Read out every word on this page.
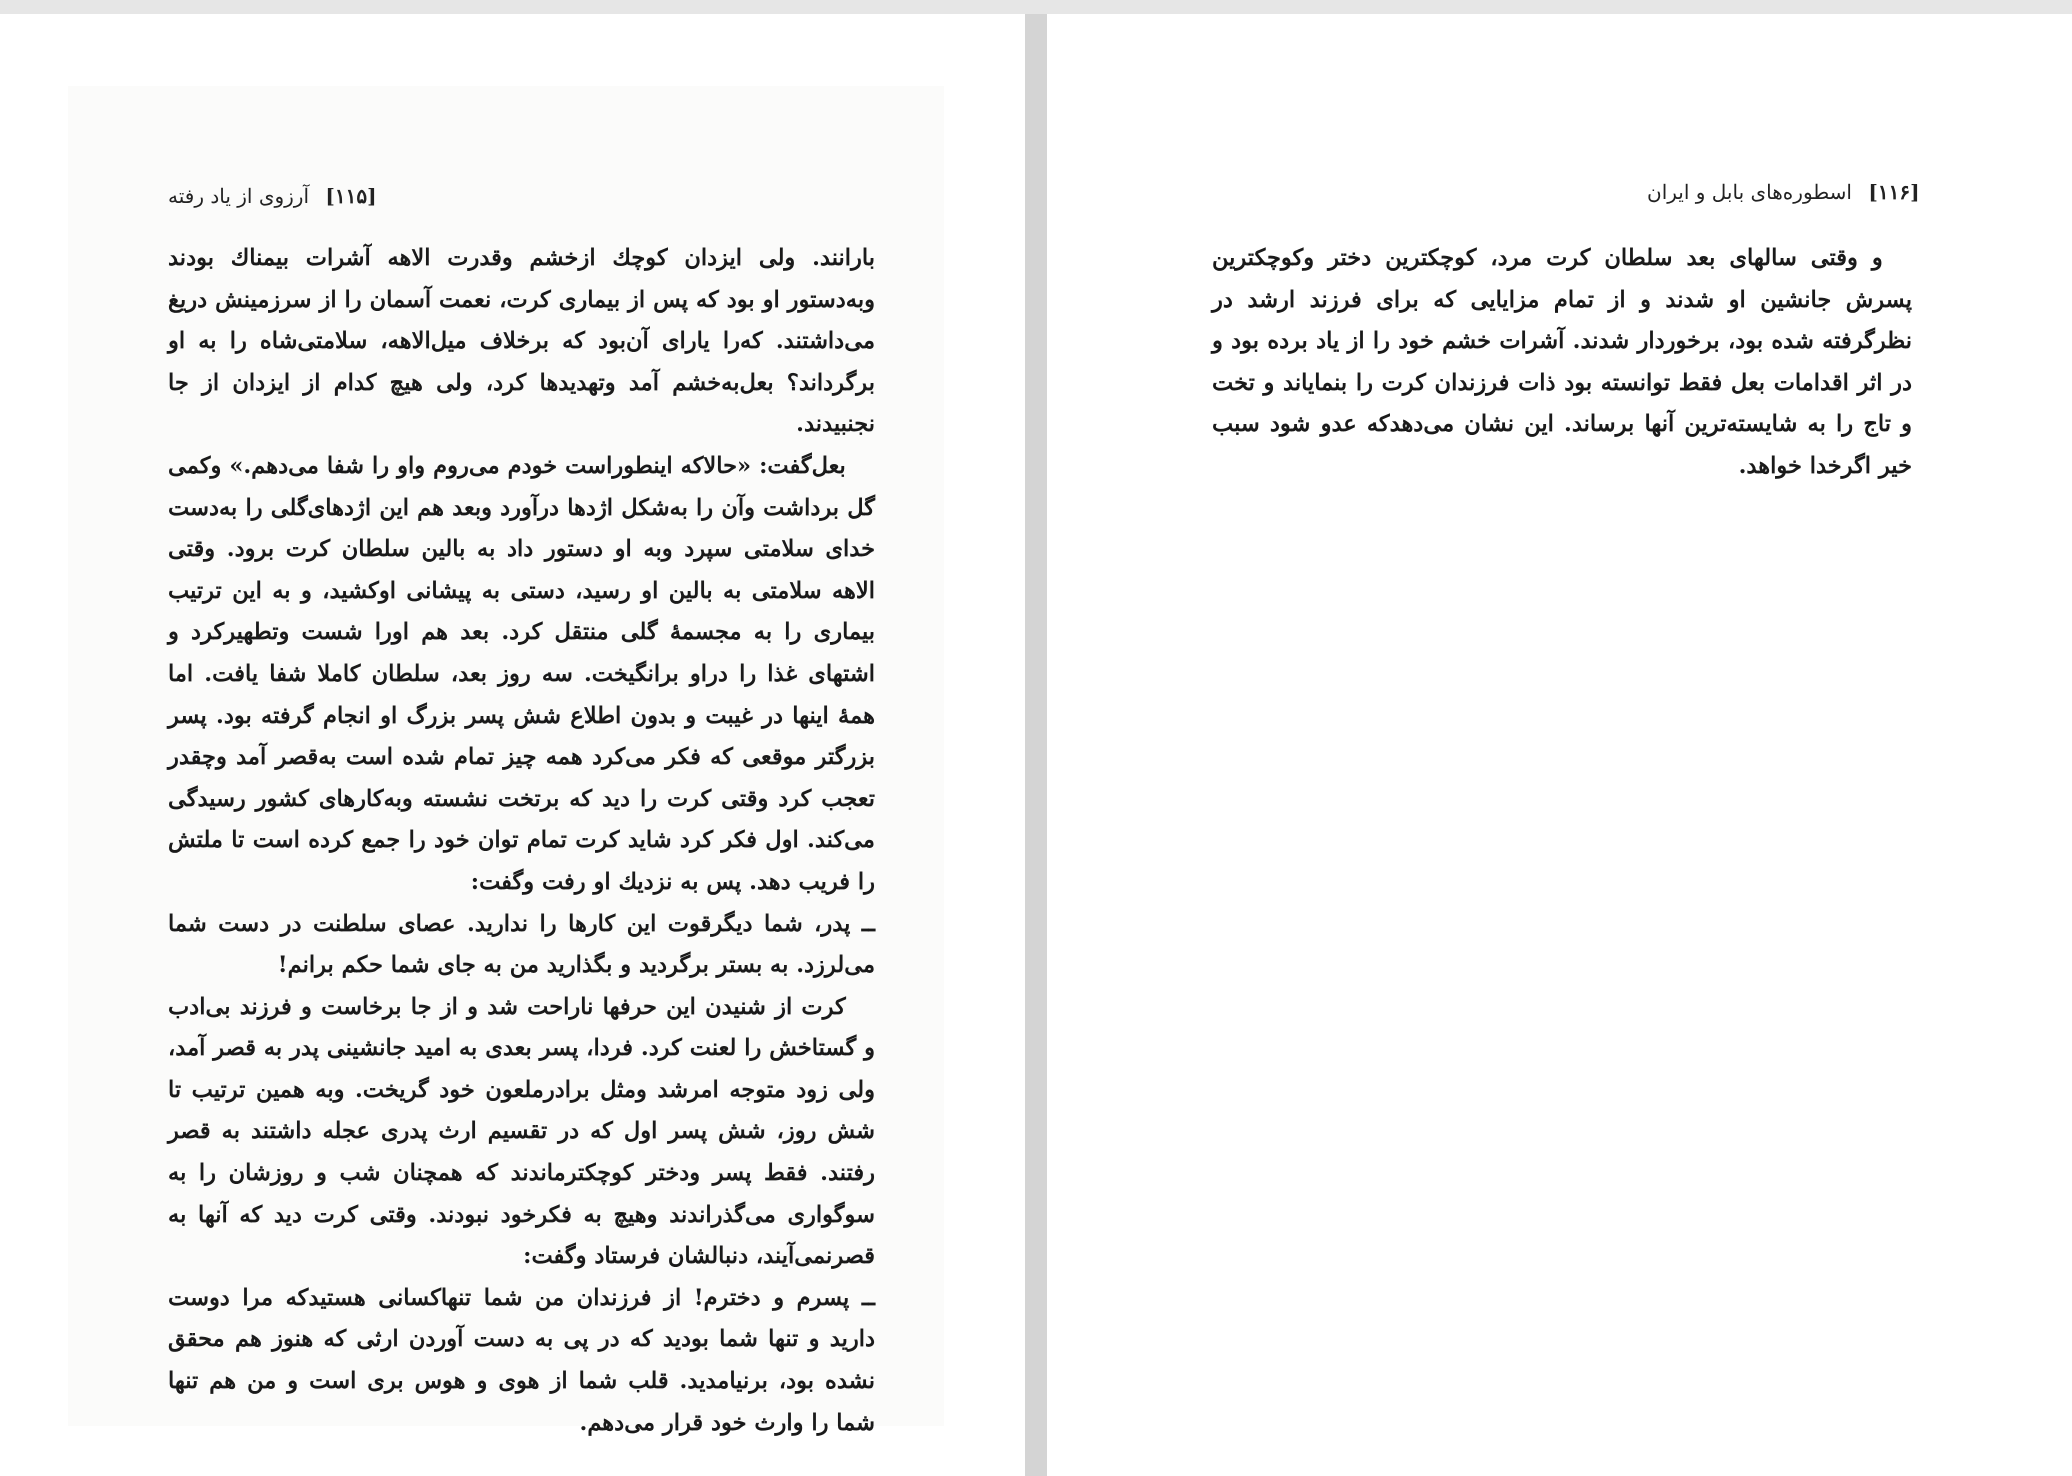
[۱۱۵] آرزوی از یاد رفته

بارانند. ولی ایزدان کوچك ازخشم وقدرت الاهه آشرات بیمناك بودند وبه‌دستور او بود که پس از بیماری کرت، نعمت آسمان را از سرزمینش دریغ می‌داشتند. که‌را یارای آن‌بود که برخلاف میل‌الاهه، سلامتی‌شاه را به او برگرداند؟ بعل‌به‌خشم آمد وتهدیدها کرد، ولی هیچ کدام از ایزدان از جا نجنبیدند.

بعل‌گفت: «حالاکه اینطوراست خودم می‌روم واو را شفا می‌دهم.» وکمی گل برداشت وآن را به‌شکل اژدها درآورد وبعد هم این اژدهای‌گلی را به‌دست خدای سلامتی سپرد وبه او دستور داد به بالین سلطان کرت برود. وقتی الاهه سلامتی به بالین او رسید، دستی به پیشانی اوکشید، و به این ترتیب بیماری را به مجسمهٔ گلی منتقل کرد. بعد هم اورا شست وتطهیرکرد و اشتهای غذا را دراو برانگیخت. سه روز بعد، سلطان کاملا شفا یافت. اما همهٔ اینها در غیبت و بدون اطلاع شش پسر بزرگ او انجام گرفته بود. پسر بزرگتر موقعی که فکر می‌کرد همه چیز تمام شده است به‌قصر آمد وچقدر تعجب کرد وقتی کرت را دید که برتخت نشسته وبه‌کارهای کشور رسیدگی می‌کند. اول فکر کرد شاید کرت تمام توان خود را جمع کرده است تا ملتش را فریب دهد. پس به نزدیك او رفت وگفت:

ــ پدر، شما دیگرقوت این کارها را ندارید. عصای سلطنت در دست شما می‌لرزد. به بستر برگردید و بگذارید من به جای شما حکم برانم!

کرت از شنیدن این حرفها ناراحت شد و از جا برخاست و فرزند بی‌ادب و گستاخش را لعنت کرد. فردا، پسر بعدی به امید جانشینی پدر به قصر آمد، ولی زود متوجه امرشد ومثل برادرملعون خود گریخت. وبه همین ترتیب تا شش روز، شش پسر اول که در تقسیم ارث پدری عجله داشتند به قصر رفتند. فقط پسر ودختر کوچکترماندند که همچنان شب و روزشان را به سوگواری می‌گذراندند وهیچ به فکرخود نبودند. وقتی کرت دید که آنها به قصرنمی‌آیند، دنبالشان فرستاد وگفت:

ــ پسرم و دخترم! از فرزندان من شما تنهاکسانی هستیدکه مرا دوست دارید و تنها شما بودید که در پی به دست آوردن ارثی که هنوز هم محقق نشده بود، برنیامدید. قلب شما از هوی و هوس بری است و من هم تنها شما را وارث خود قرار می‌دهم.

[۱۱۶] اسطوره‌های بابل و ایران

و وقتی سالهای بعد سلطان کرت مرد، کوچکترین دختر وکوچکترین پسرش جانشین او شدند و از تمام مزایایی که برای فرزند ارشد در نظرگرفته شده بود، برخوردار شدند. آشرات خشم خود را از یاد برده بود و در اثر اقدامات بعل فقط توانسته بود ذات فرزندان کرت را بنمایاند و تخت و تاج را به شایسته‌ترین آنها برساند. این نشان می‌دهدکه عدو شود سبب خیر اگرخدا خواهد.
